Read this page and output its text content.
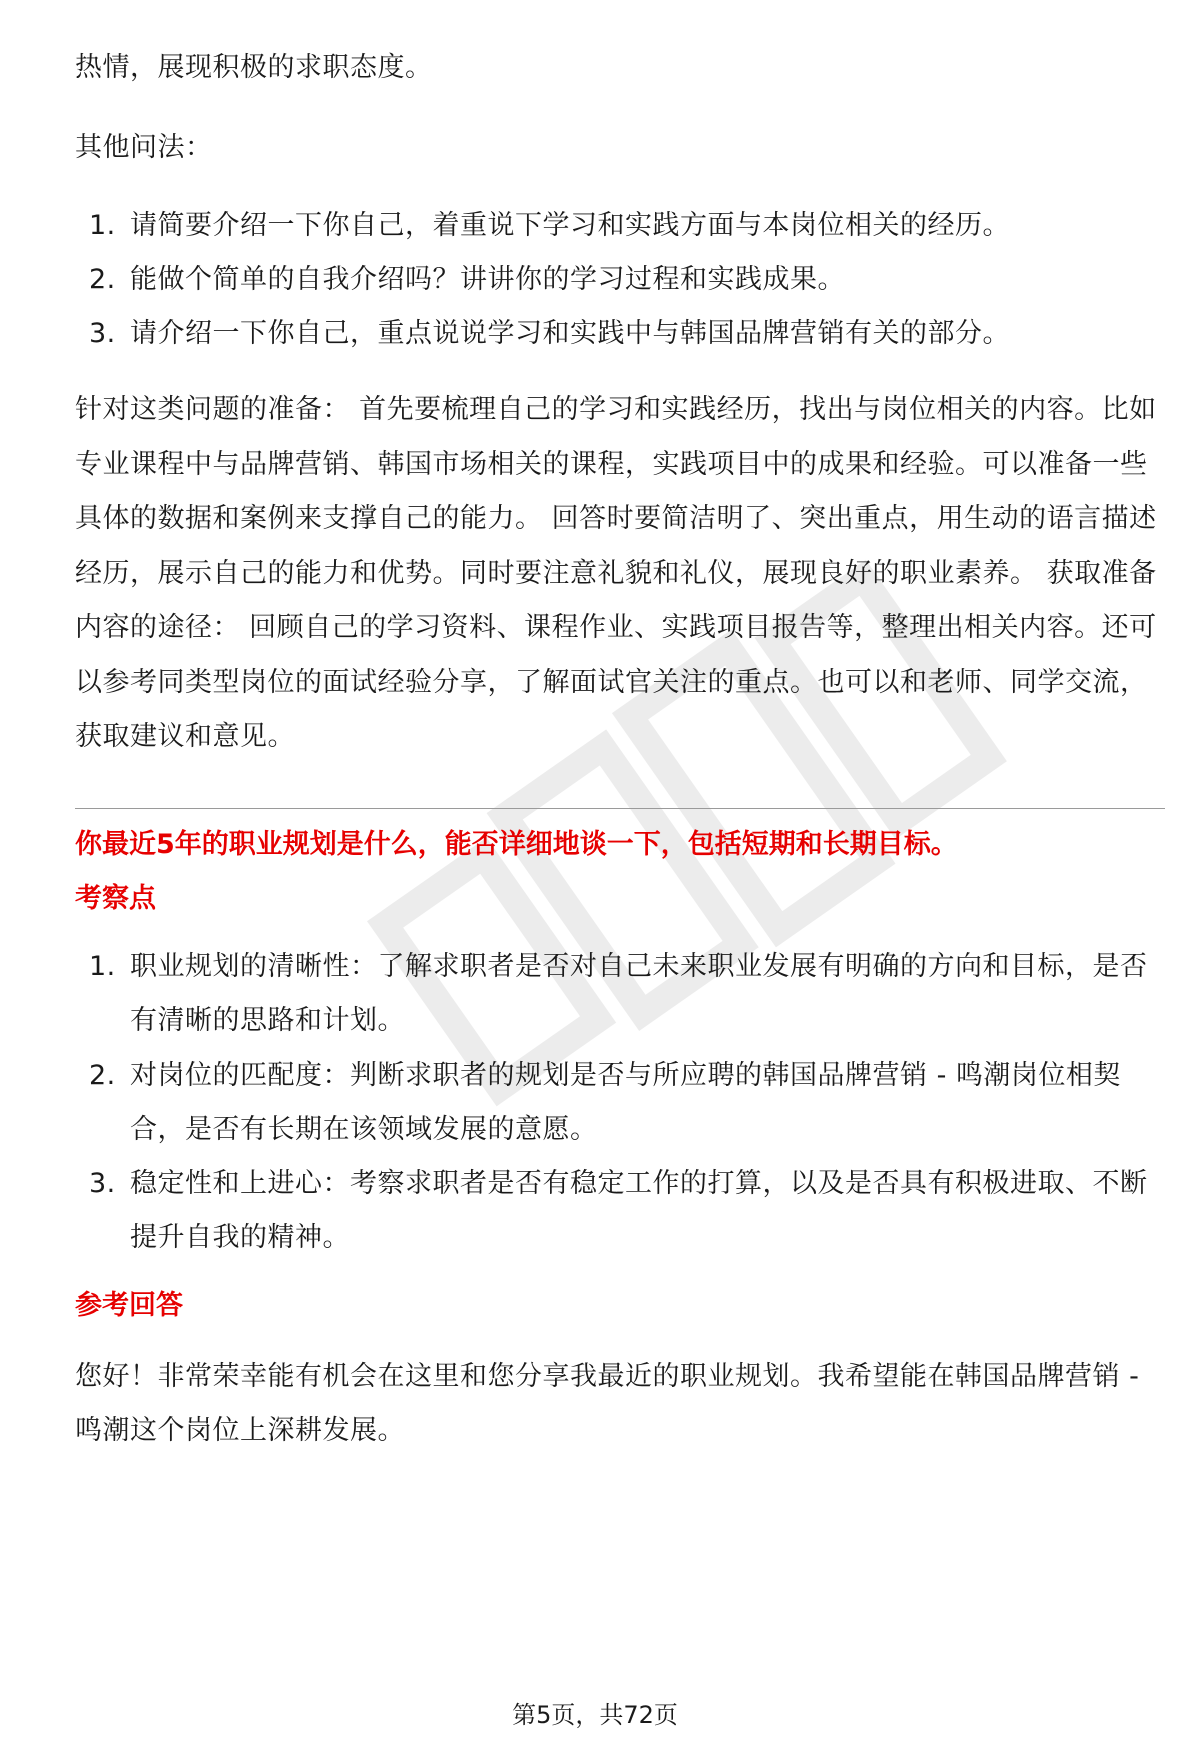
热情，展现积极的求职态度。

其他问法：

1. 请简要介绍一下你自己，着重说下学习和实践方面与本岗位相关的经历。
2. 能做个简单的自我介绍吗？讲讲你的学习过程和实践成果。
3. 请介绍一下你自己，重点说说学习和实践中与韩国品牌营销有关的部分。

针对这类问题的准备： 首先要梳理自己的学习和实践经历，找出与岗位相关的内容。比如专业课程中与品牌营销、韩国市场相关的课程，实践项目中的成果和经验。可以准备一些具体的数据和案例来支撑自己的能力。 回答时要简洁明了、突出重点，用生动的语言描述经历，展示自己的能力和优势。同时要注意礼貌和礼仪，展现良好的职业素养。 获取准备内容的途径： 回顾自己的学习资料、课程作业、实践项目报告等，整理出相关内容。还可以参考同类型岗位的面试经验分享，了解面试官关注的重点。也可以和老师、同学交流，获取建议和意见。

你最近5年的职业规划是什么，能否详细地谈一下，包括短期和长期目标。

考察点

1. 职业规划的清晰性：了解求职者是否对自己未来职业发展有明确的方向和目标，是否有清晰的思路和计划。
2. 对岗位的匹配度：判断求职者的规划是否与所应聘的韩国品牌营销 - 鸣潮岗位相契合，是否有长期在该领域发展的意愿。
3. 稳定性和上进心：考察求职者是否有稳定工作的打算，以及是否具有积极进取、不断提升自我的精神。

参考回答

您好！非常荣幸能有机会在这里和您分享我最近的职业规划。我希望能在韩国品牌营销 - 鸣潮这个岗位上深耕发展。

第5页，共72页
